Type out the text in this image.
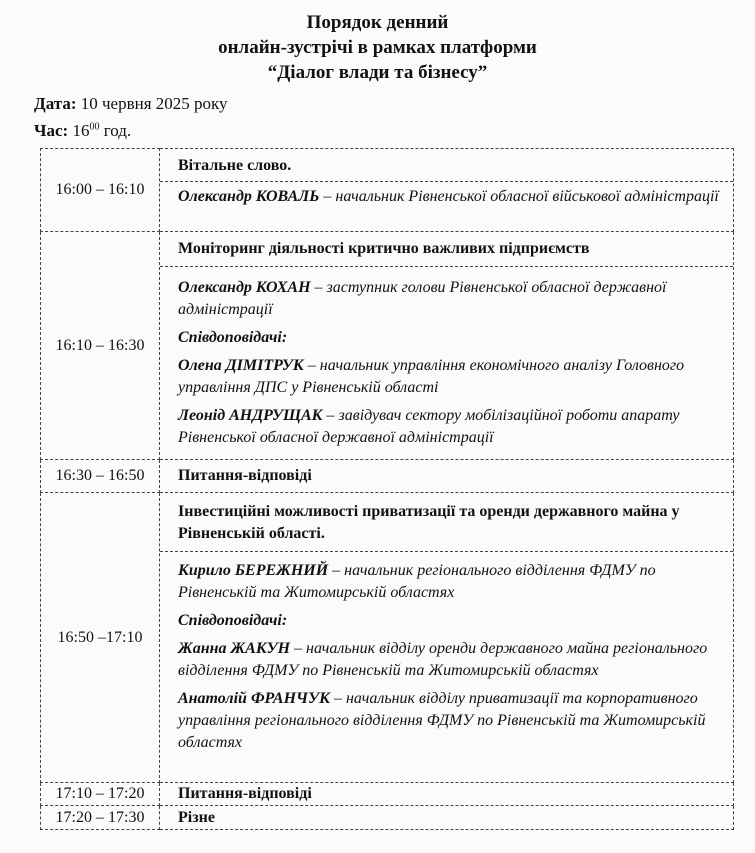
Порядок денний
онлайн-зустрічі в рамках платформи
“Діалог влади та бізнесу”
Дата: 10 червня 2025 року
Час: $16^{00}$ год.
16:00 – 16:10	Вітальне слово.
Олександр КОВАЛЬ – начальник Рівненської обласної військової адміністрації

16:10 – 16:30	Моніторинг діяльності критично важливих підприємств
Олександр КОХАН – заступник голови Рівненської обласної державної адміністрації
Співдоповідачі:
Олена ДІМІТРУК – начальник управління економічного аналізу Головного управління ДПС у Рівненській області
Леонід АНДРУЩАК – завідувач сектору мобілізаційної роботи апарату Рівненської обласної державної адміністрації

16:30 – 16:50	Питання-відповіді

16:50 –17:10	Інвестиційні можливості приватизації та оренди державного майна у Рівненській області.
Кирило БЕРЕЖНИЙ – начальник регіонального відділення ФДМУ по Рівненській та Житомирській областях
Співдоповідачі:
Жанна ЖАКУН – начальник відділу оренди державного майна регіонального відділення ФДМУ по Рівненській та Житомирській областях
Анатолій ФРАНЧУК – начальник відділу приватизації та корпоративного управління регіонального відділення ФДМУ по Рівненській та Житомирській областях

17:10 – 17:20	Питання-відповіді

17:20 – 17:30	Різне
